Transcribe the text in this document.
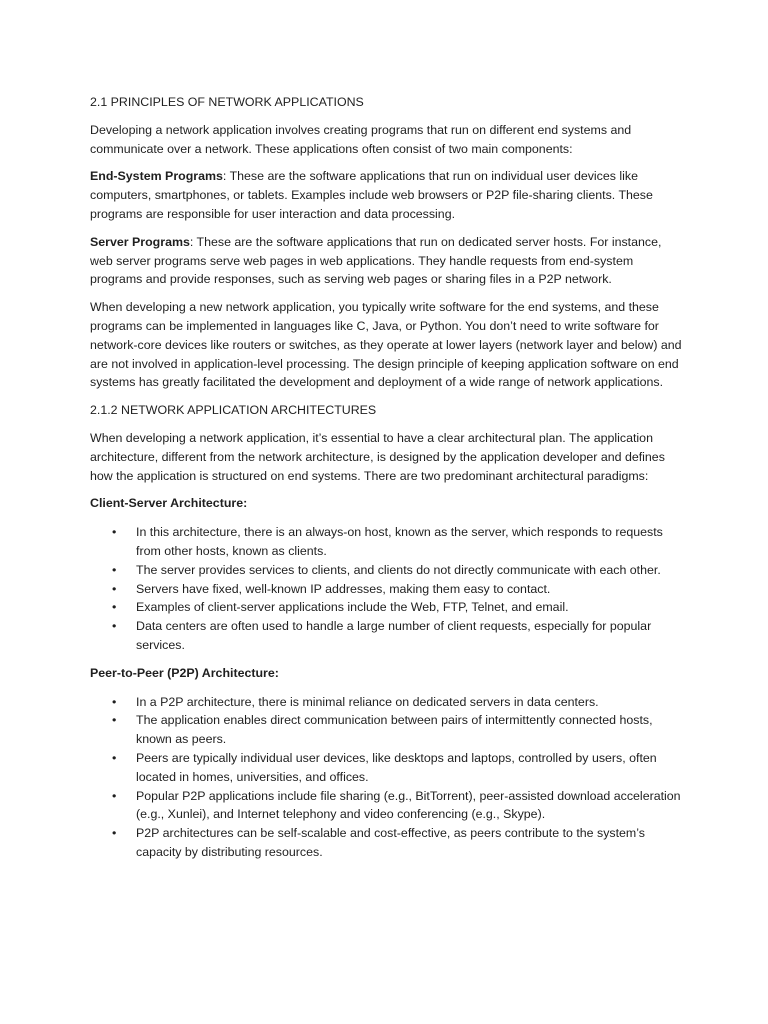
2.1 PRINCIPLES OF NETWORK APPLICATIONS

Developing a network application involves creating programs that run on different end systems and communicate over a network. These applications often consist of two main components:

End-System Programs: These are the software applications that run on individual user devices like computers, smartphones, or tablets. Examples include web browsers or P2P file-sharing clients. These programs are responsible for user interaction and data processing.

Server Programs: These are the software applications that run on dedicated server hosts. For instance, web server programs serve web pages in web applications. They handle requests from end-system programs and provide responses, such as serving web pages or sharing files in a P2P network.

When developing a new network application, you typically write software for the end systems, and these programs can be implemented in languages like C, Java, or Python. You don’t need to write software for network-core devices like routers or switches, as they operate at lower layers (network layer and below) and are not involved in application-level processing. The design principle of keeping application software on end systems has greatly facilitated the development and deployment of a wide range of network applications.

2.1.2 NETWORK APPLICATION ARCHITECTURES

When developing a network application, it’s essential to have a clear architectural plan. The application architecture, different from the network architecture, is designed by the application developer and defines how the application is structured on end systems. There are two predominant architectural paradigms:

Client-Server Architecture:
• In this architecture, there is an always-on host, known as the server, which responds to requests from other hosts, known as clients.
• The server provides services to clients, and clients do not directly communicate with each other.
• Servers have fixed, well-known IP addresses, making them easy to contact.
• Examples of client-server applications include the Web, FTP, Telnet, and email.
• Data centers are often used to handle a large number of client requests, especially for popular services.
Peer-to-Peer (P2P) Architecture:
• In a P2P architecture, there is minimal reliance on dedicated servers in data centers.
• The application enables direct communication between pairs of intermittently connected hosts, known as peers.
• Peers are typically individual user devices, like desktops and laptops, controlled by users, often located in homes, universities, and offices.
• Popular P2P applications include file sharing (e.g., BitTorrent), peer-assisted download acceleration (e.g., Xunlei), and Internet telephony and video conferencing (e.g., Skype).
• P2P architectures can be self-scalable and cost-effective, as peers contribute to the system’s capacity by distributing resources.
